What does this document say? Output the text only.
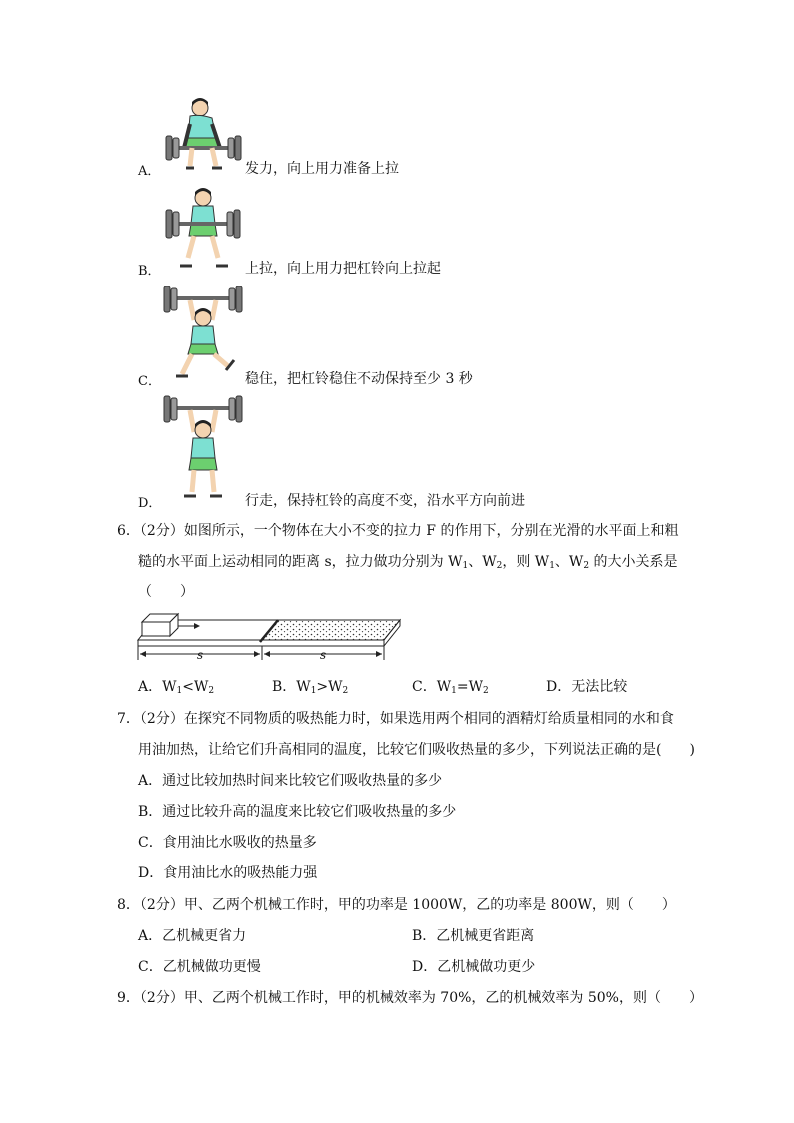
A．	发力，向上用力准备上拉
B．	上拉，向上用力把杠铃向上拉起
C．	稳住，把杠铃稳住不动保持至少 3 秒
D．	行走，保持杠铃的高度不变，沿水平方向前进
6．（2分）如图所示，一个物体在大小不变的拉力 F 的作用下，分别在光滑的水平面上和粗
糙的水平面上运动相同的距离 s，拉力做功分别为 $W_1$、$W_2$，则 $W_1$、$W_2$ 的大小关系是
（　　）
s	s
A．$W_1<W_2$	B．$W_1>W_2$	C．$W_1=W_2$	D．无法比较
7．（2分）在探究不同物质的吸热能力时，如果选用两个相同的酒精灯给质量相同的水和食
用油加热，让给它们升高相同的温度，比较它们吸收热量的多少，下列说法正确的是(　　)
A．通过比较加热时间来比较它们吸收热量的多少
B．通过比较升高的温度来比较它们吸收热量的多少
C．食用油比水吸收的热量多
D．食用油比水的吸热能力强
8．（2分）甲、乙两个机械工作时，甲的功率是 1000W，乙的功率是 800W，则（　　）
A．乙机械更省力	B．乙机械更省距离
C．乙机械做功更慢	D．乙机械做功更少
9．（2分）甲、乙两个机械工作时，甲的机械效率为 70%，乙的机械效率为 50%，则（　　）
